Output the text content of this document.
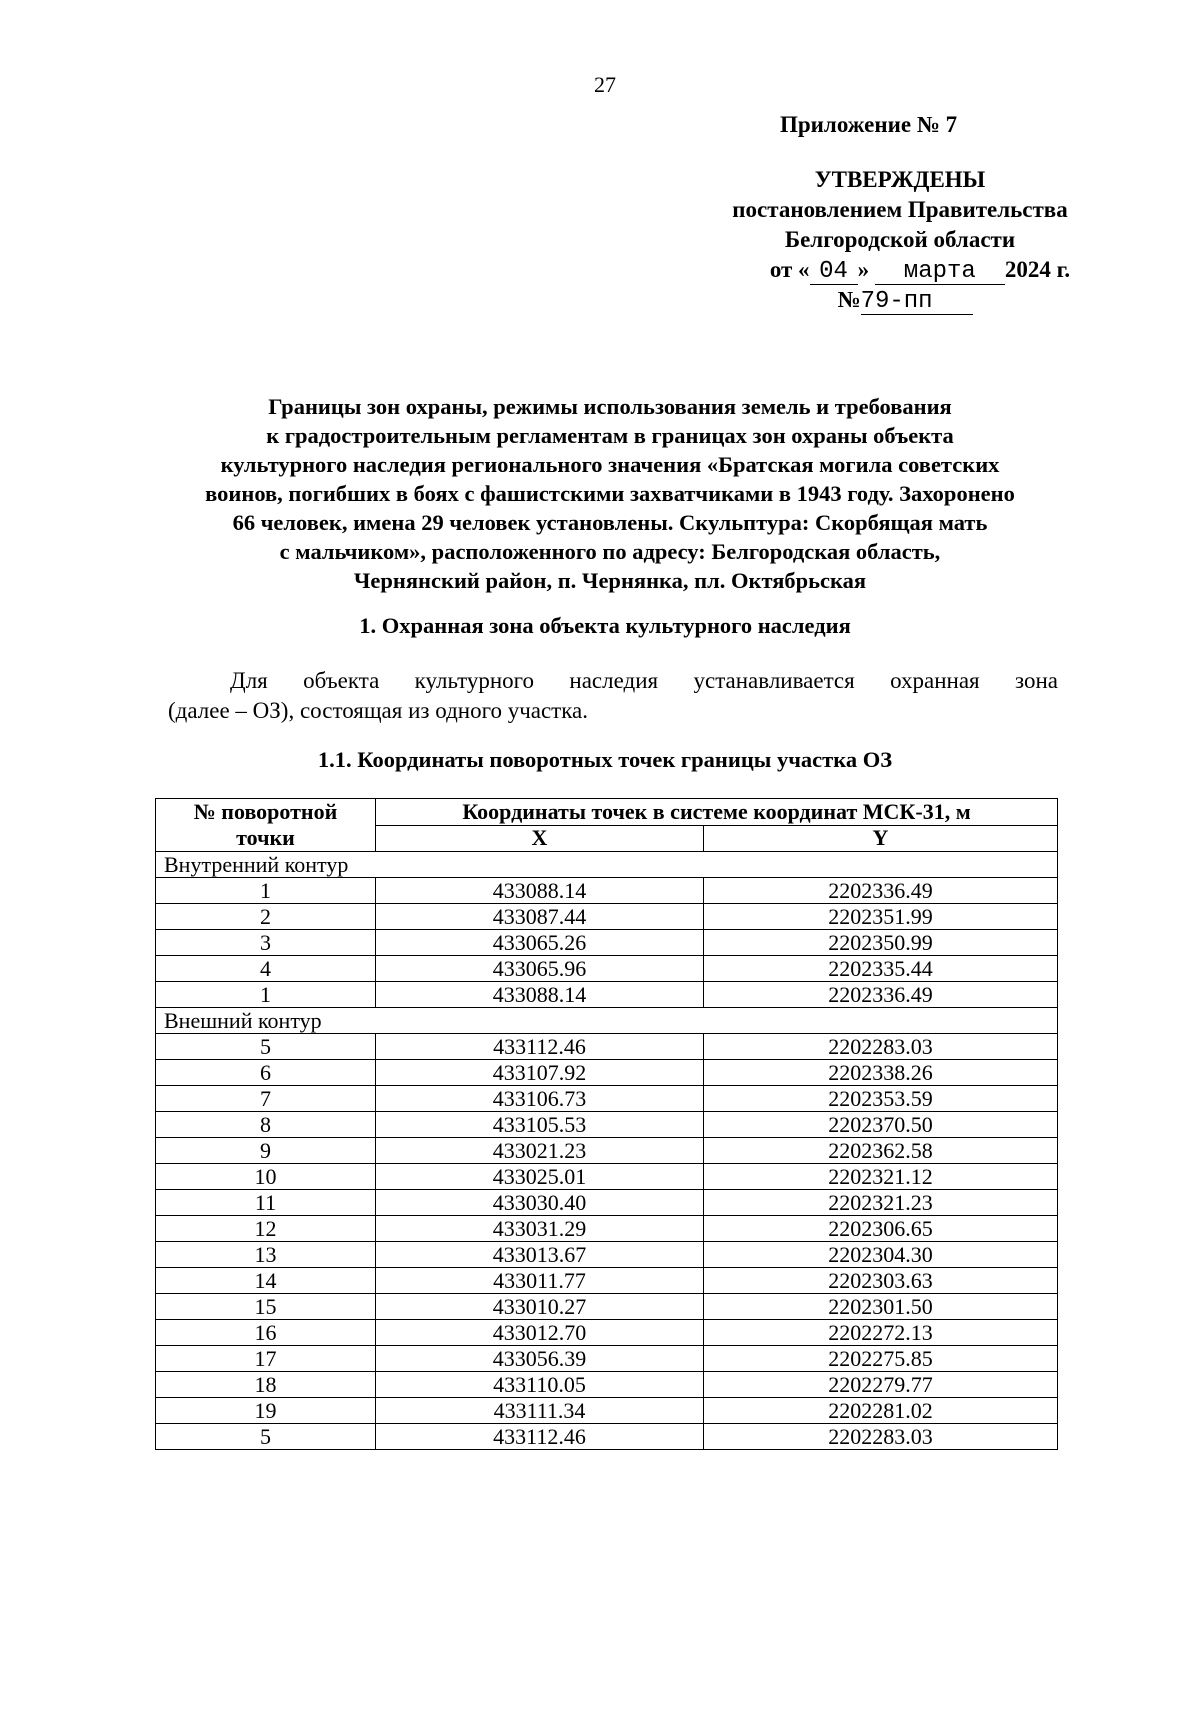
27
Приложение № 7
УТВЕРЖДЕНЫ
постановлением Правительства
Белгородской области
от « 04 » марта 2024 г.
№79-пп
Границы зон охраны, режимы использования земель и требования
к градостроительным регламентам в границах зон охраны объекта
культурного наследия регионального значения «Братская могила советских
воинов, погибших в боях с фашистскими захватчиками в 1943 году. Захоронено
66 человек, имена 29 человек установлены. Скульптура: Скорбящая мать
с мальчиком», расположенного по адресу: Белгородская область,
Чернянский район, п. Чернянка, пл. Октябрьская
1. Охранная зона объекта культурного наследия
Для объекта культурного наследия устанавливается охранная зона
(далее – ОЗ), состоящая из одного участка.
1.1. Координаты поворотных точек границы участка ОЗ
№ поворотной точки	Координаты точек в системе координат МСК-31, м	
	X	Y
Внутренний контур		
1	433088.14	2202336.49
2	433087.44	2202351.99
3	433065.26	2202350.99
4	433065.96	2202335.44
1	433088.14	2202336.49
Внешний контур		
5	433112.46	2202283.03
6	433107.92	2202338.26
7	433106.73	2202353.59
8	433105.53	2202370.50
9	433021.23	2202362.58
10	433025.01	2202321.12
11	433030.40	2202321.23
12	433031.29	2202306.65
13	433013.67	2202304.30
14	433011.77	2202303.63
15	433010.27	2202301.50
16	433012.70	2202272.13
17	433056.39	2202275.85
18	433110.05	2202279.77
19	433111.34	2202281.02
5	433112.46	2202283.03
